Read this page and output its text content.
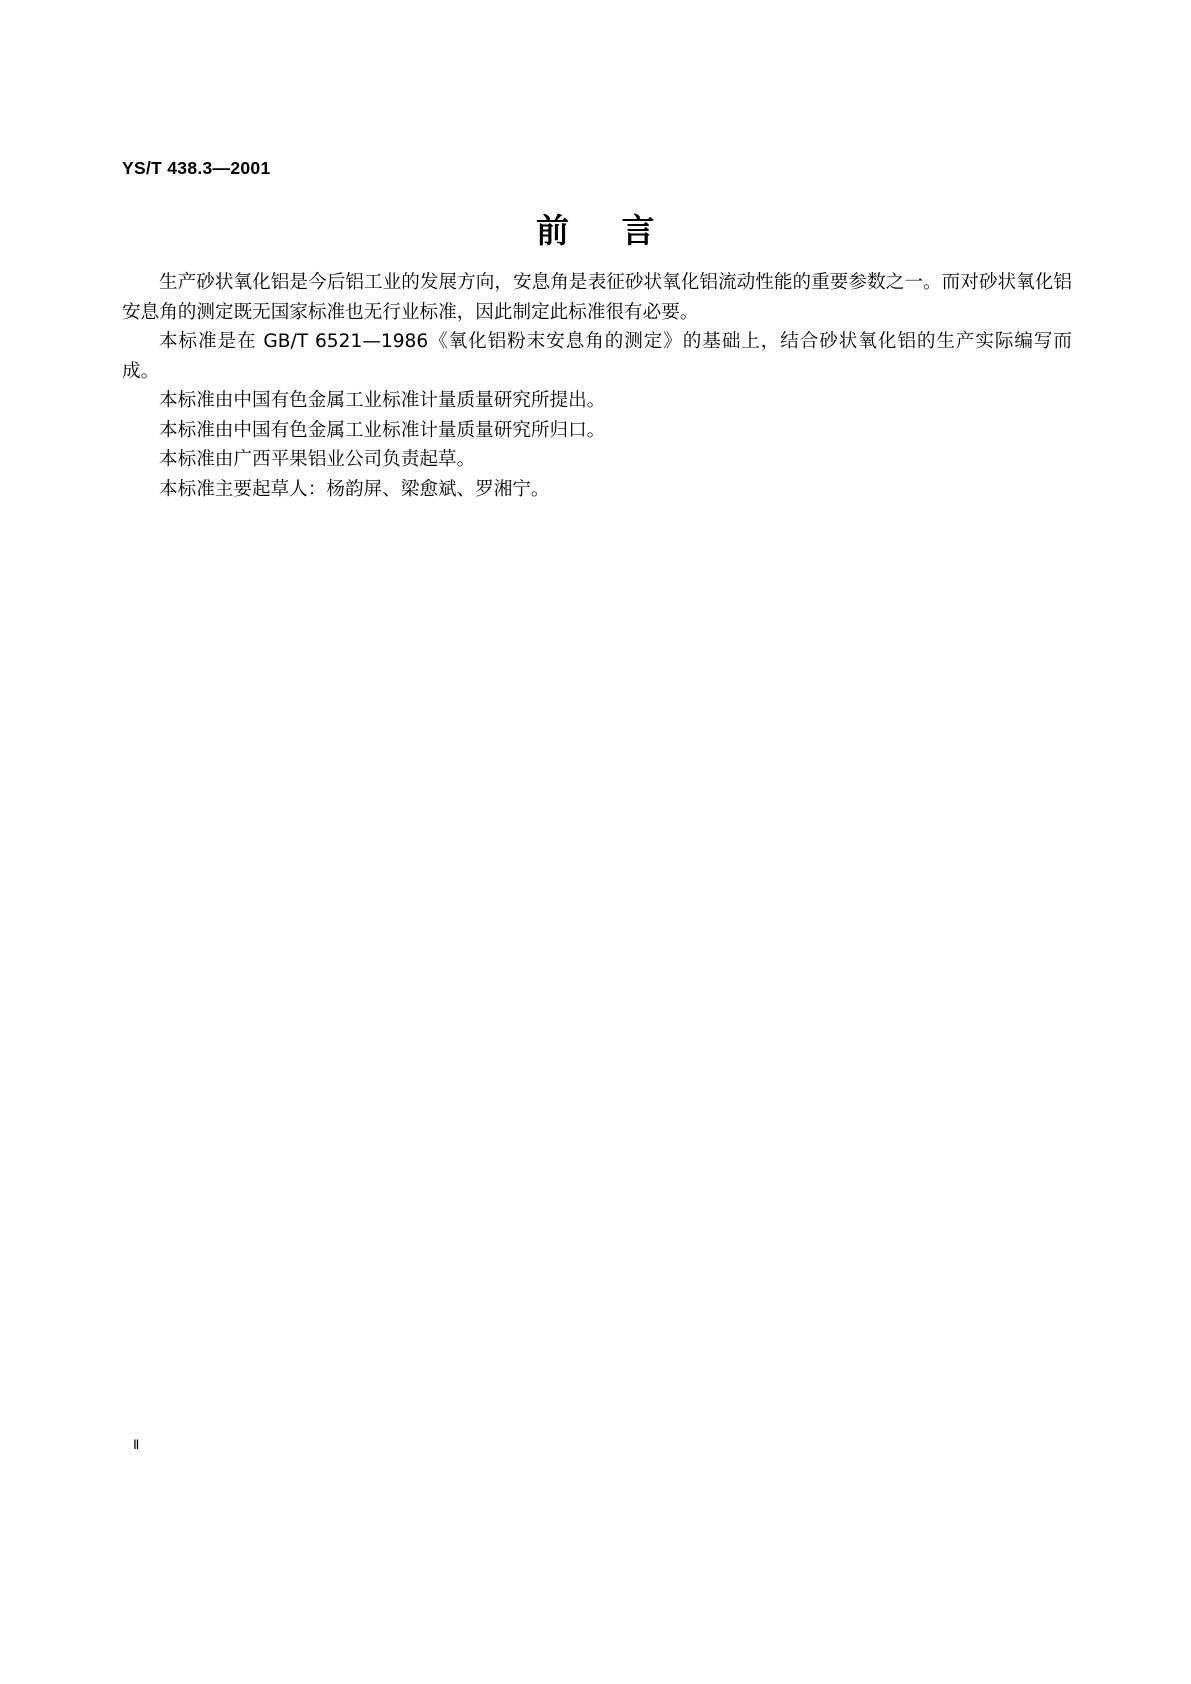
YS/T 438.3—2001
前 言

生产砂状氧化铝是今后铝工业的发展方向，安息角是表征砂状氧化铝流动性能的重要参数之一。而对砂状氧化铝安息角的测定既无国家标准也无行业标准，因此制定此标准很有必要。

本标准是在 GB/T 6521—1986《氧化铝粉末安息角的测定》的基础上，结合砂状氧化铝的生产实际编写而成。

本标准由中国有色金属工业标准计量质量研究所提出。

本标准由中国有色金属工业标准计量质量研究所归口。

本标准由广西平果铝业公司负责起草。

本标准主要起草人：杨韵屏、梁愈斌、罗湘宁。

Ⅱ
